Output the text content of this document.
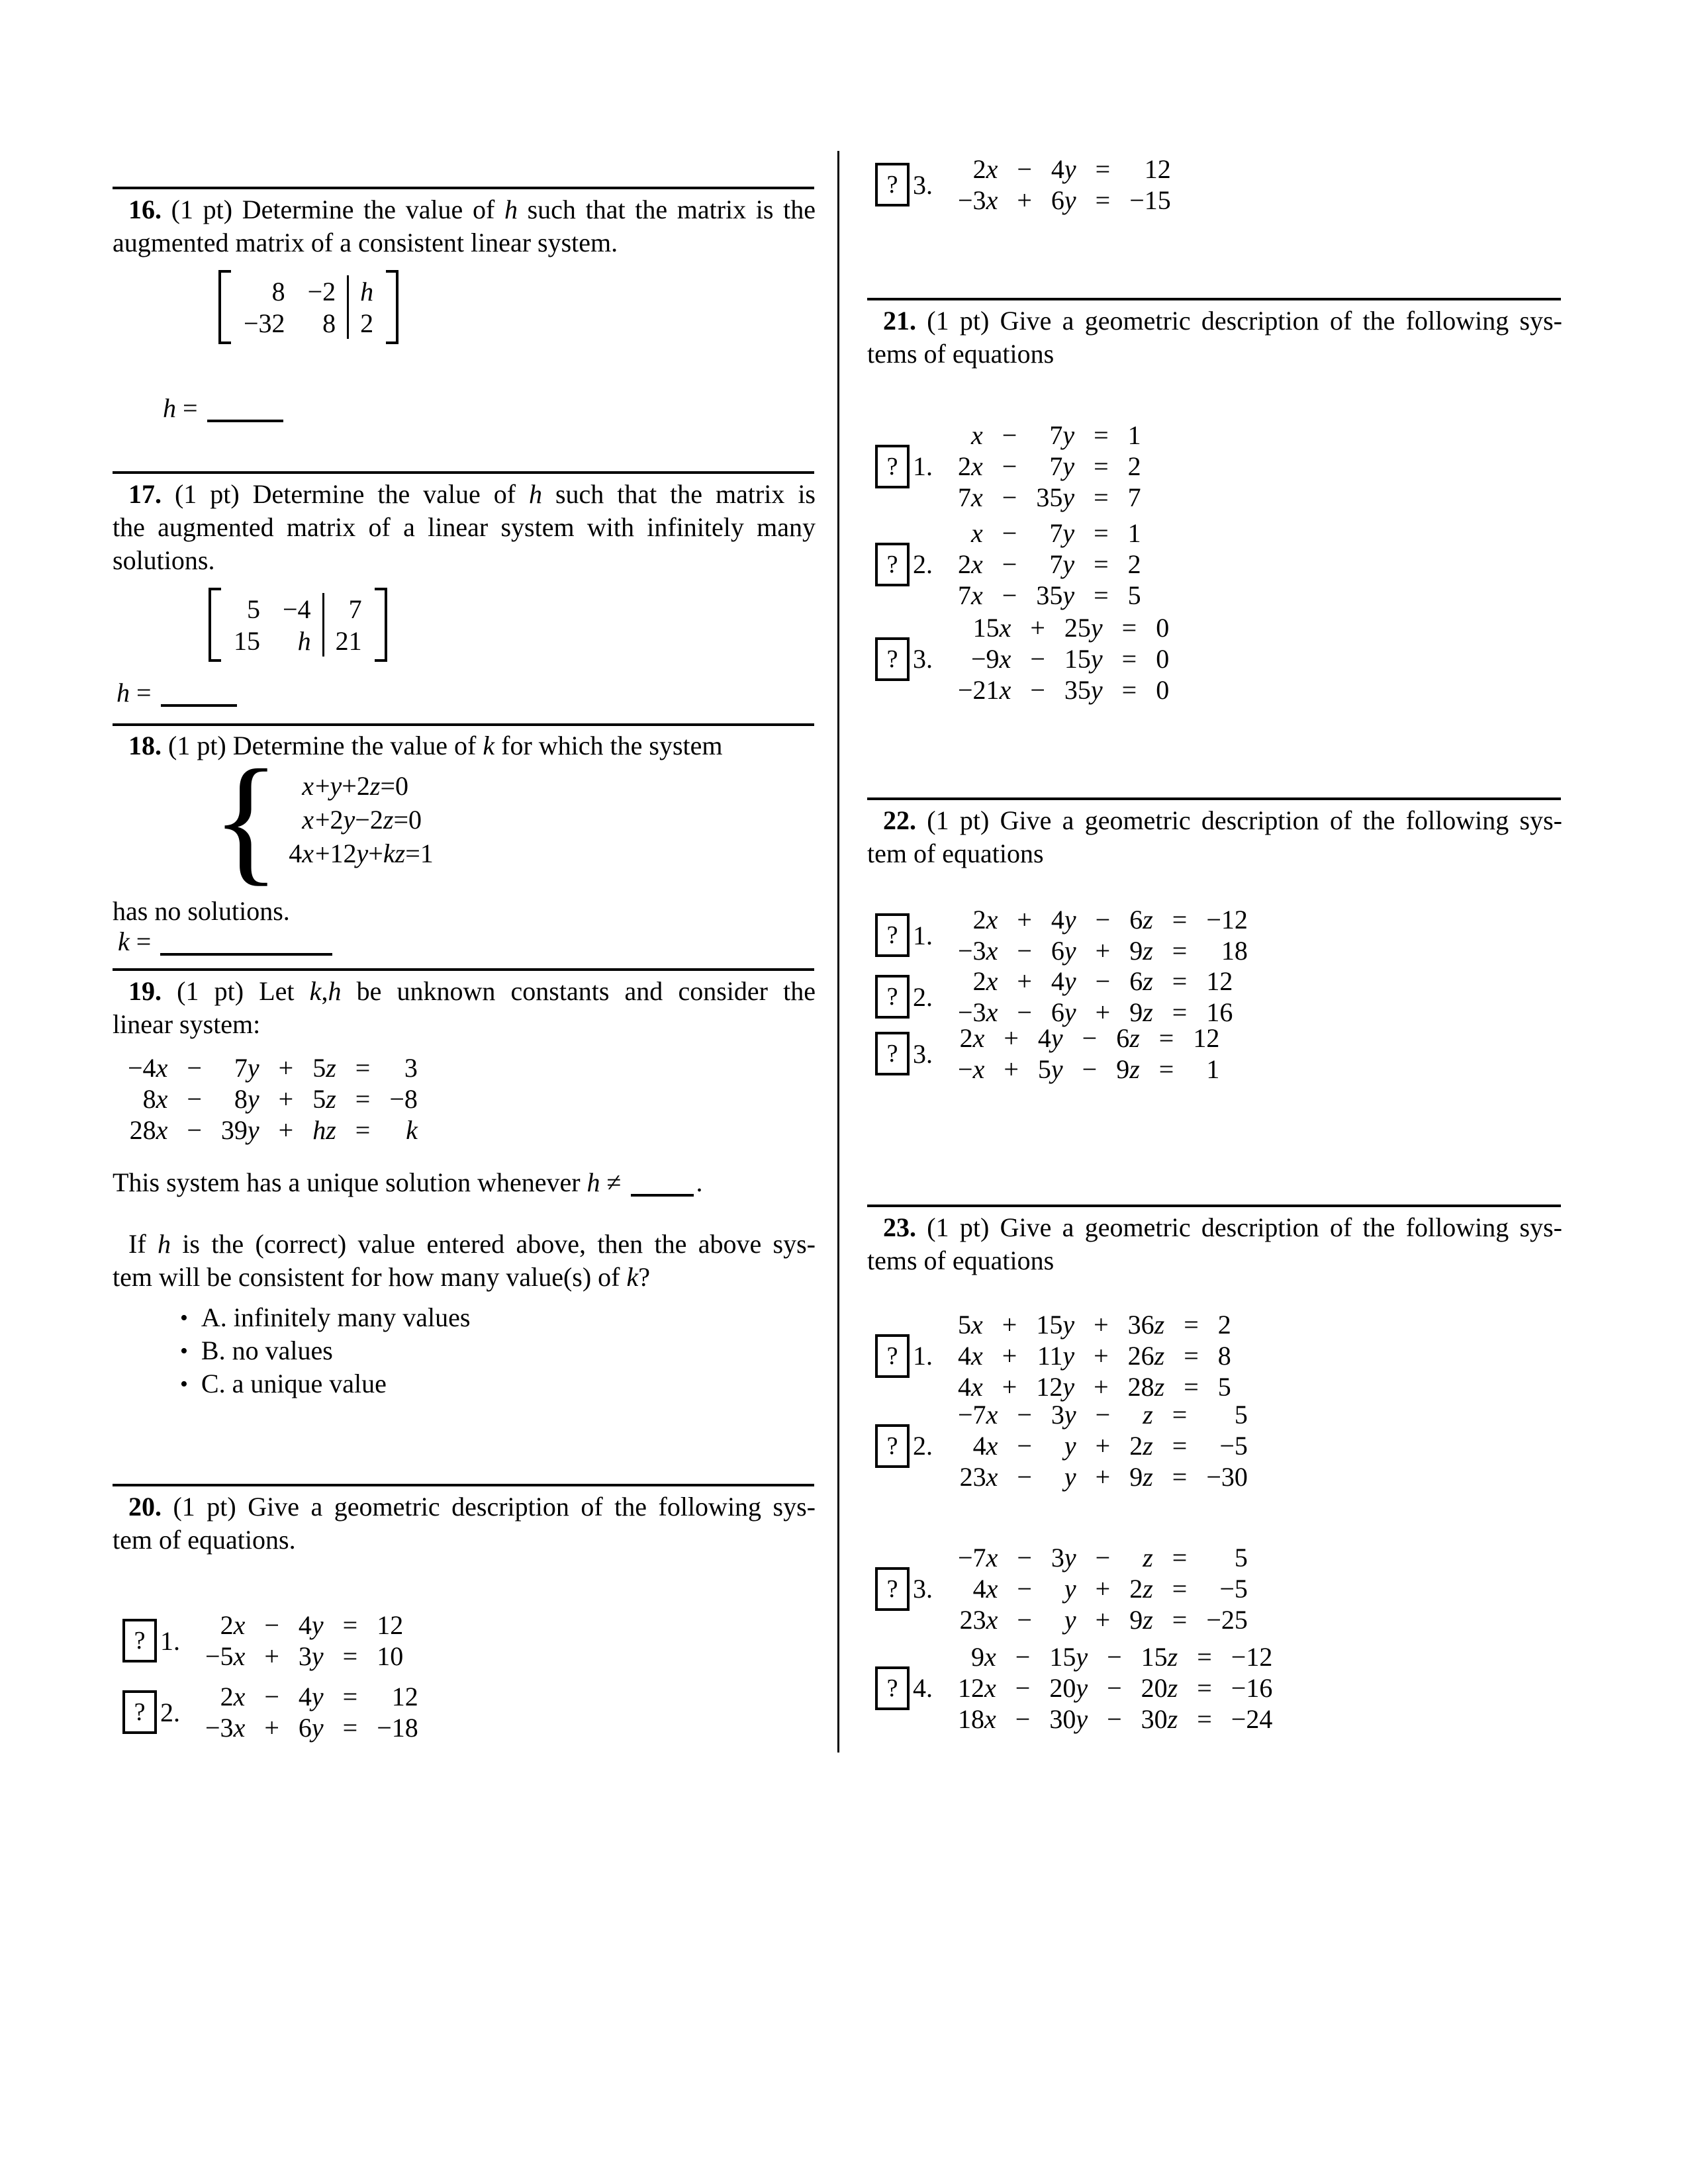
16. (1 pt) Determine the value of h such that the matrix is the
augmented matrix of a consistent linear system.
8	−2	h
−32	8	2
h =
17. (1 pt) Determine the value of h such that the matrix is
the augmented matrix of a linear system with infinitely many
solutions.
5	−4	7
15	h	21
h =
18. (1 pt) Determine the value of k for which the system
{ x	+y+2z=0
x	+2y−2z=0
4x	+12y+kz=1
has no solutions.
k =
19. (1 pt) Let k,h be unknown constants and consider the
linear system:
−4x	−	7y	+	5z	=	3
8x	−	8y	+	5z	=	−8
28x	−	39y	+	hz	=	k
This system has a unique solution whenever h ≠	.
If h is the (correct) value entered above, then the above sys-
tem will be consistent for how many value(s) of k?
• A. infinitely many values
• B. no values
• C. a unique value
20. (1 pt) Give a geometric description of the following sys-
tem of equations.
? 1.
2x	−	4y	=	12
−5x	+	3y	=	10
? 2.
2x	−	4y	=	12
−3x	+	6y	=	−18
? 3.
2x	−	4y	=	12
−3x	+	6y	=	−15
21. (1 pt) Give a geometric description of the following sys-
tems of equations
? 1.
x	−	7y	=	1
2x	−	7y	=	2
7x	−	35y	=	7
? 2.
x	−	7y	=	1
2x	−	7y	=	2
7x	−	35y	=	5
? 3.
15x	+	25y	=	0
−9x	−	15y	=	0
−21x	−	35y	=	0
22. (1 pt) Give a geometric description of the following sys-
tem of equations
? 1.
2x	+	4y	−	6z	=	−12
−3x	−	6y	+	9z	=	18
? 2.
2x	+	4y	−	6z	=	12
−3x	−	6y	+	9z	=	16
? 3.
2x	+	4y	−	6z	=	12
−x	+	5y	−	9z	=	1
23. (1 pt) Give a geometric description of the following sys-
tems of equations
? 1.
5x	+	15y	+	36z	=	2
4x	+	11y	+	26z	=	8
4x	+	12y	+	28z	=	5
? 2.
−7x	−	3y	−	z	=	5
4x	−	y	+	2z	=	−5
23x	−	y	+	9z	=	−30
? 3.
−7x	−	3y	−	z	=	5
4x	−	y	+	2z	=	−5
23x	−	y	+	9z	=	−25
? 4.
9x	−	15y	−	15z	=	−12
12x	−	20y	−	20z	=	−16
18x	−	30y	−	30z	=	−24
